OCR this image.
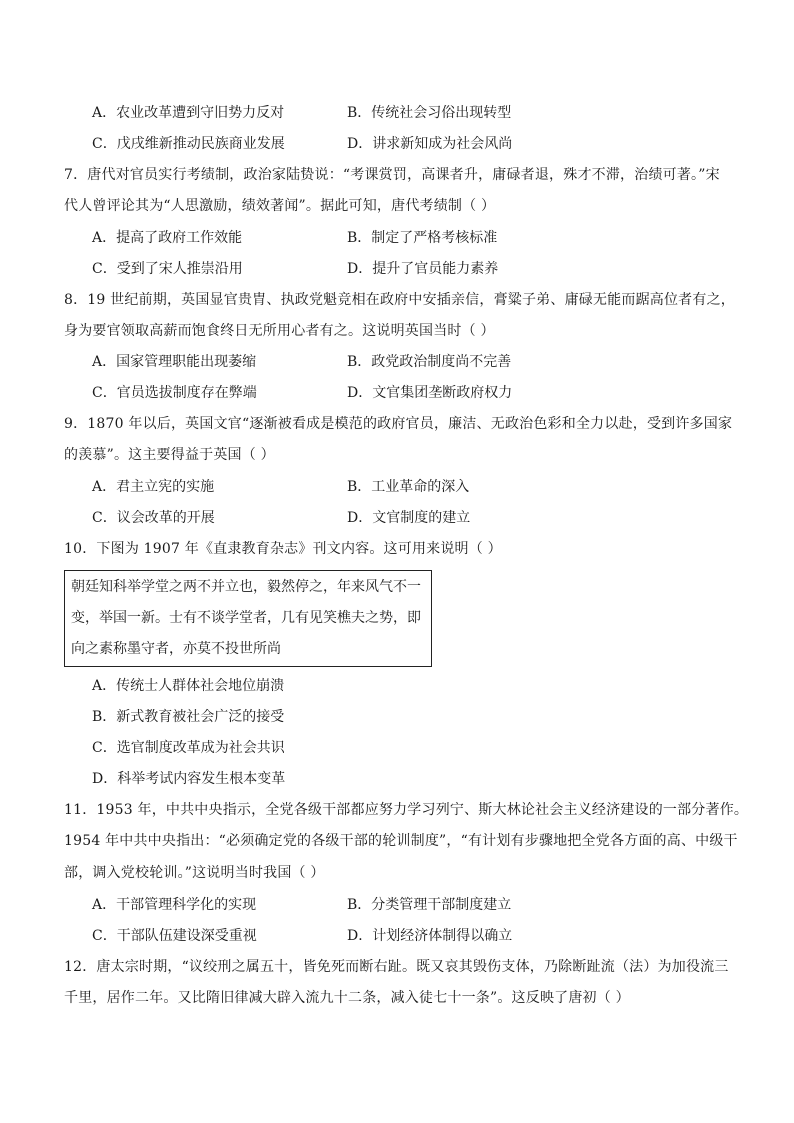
A．农业改革遭到守旧势力反对	B．传统社会习俗出现转型
C．戊戌维新推动民族商业发展	D．讲求新知成为社会风尚
7．唐代对官员实行考绩制，政治家陆贽说：“考课赏罚，高课者升，庸碌者退，殊才不滞，治绩可著。”宋
代人曾评论其为“人思激励，绩效著闻”。据此可知，唐代考绩制（ ）
A．提高了政府工作效能	B．制定了严格考核标准
C．受到了宋人推崇沿用	D．提升了官员能力素养
8．19 世纪前期，英国显官贵胄、执政党魁竞相在政府中安插亲信，膏粱子弟、庸碌无能而踞高位者有之，
身为要官领取高薪而饱食终日无所用心者有之。这说明英国当时（ ）
A．国家管理职能出现萎缩	B．政党政治制度尚不完善
C．官员选拔制度存在弊端	D．文官集团垄断政府权力
9．1870 年以后，英国文官“逐渐被看成是模范的政府官员，廉洁、无政治色彩和全力以赴，受到许多国家
的羡慕”。这主要得益于英国（ ）
A．君主立宪的实施	B．工业革命的深入
C．议会改革的开展	D．文官制度的建立
10．下图为 1907 年《直隶教育杂志》刊文内容。这可用来说明（ ）
朝廷知科举学堂之两不并立也，毅然停之，年来风气不一
变，举国一新。士有不谈学堂者，几有见笑樵夫之势，即
向之素称墨守者，亦莫不投世所尚
A．传统士人群体社会地位崩溃
B．新式教育被社会广泛的接受
C．选官制度改革成为社会共识
D．科举考试内容发生根本变革
11．1953 年，中共中央指示，全党各级干部都应努力学习列宁、斯大林论社会主义经济建设的一部分著作。
1954 年中共中央指出：“必须确定党的各级干部的轮训制度”，“有计划有步骤地把全党各方面的高、中级干
部，调入党校轮训。”这说明当时我国（ ）
A．干部管理科学化的实现	B．分类管理干部制度建立
C．干部队伍建设深受重视	D．计划经济体制得以确立
12．唐太宗时期，“议绞刑之属五十，皆免死而断右趾。既又哀其毁伤支体，乃除断趾流（法）为加役流三
千里，居作二年。又比隋旧律减大辟入流九十二条，减入徒七十一条”。这反映了唐初（ ）
